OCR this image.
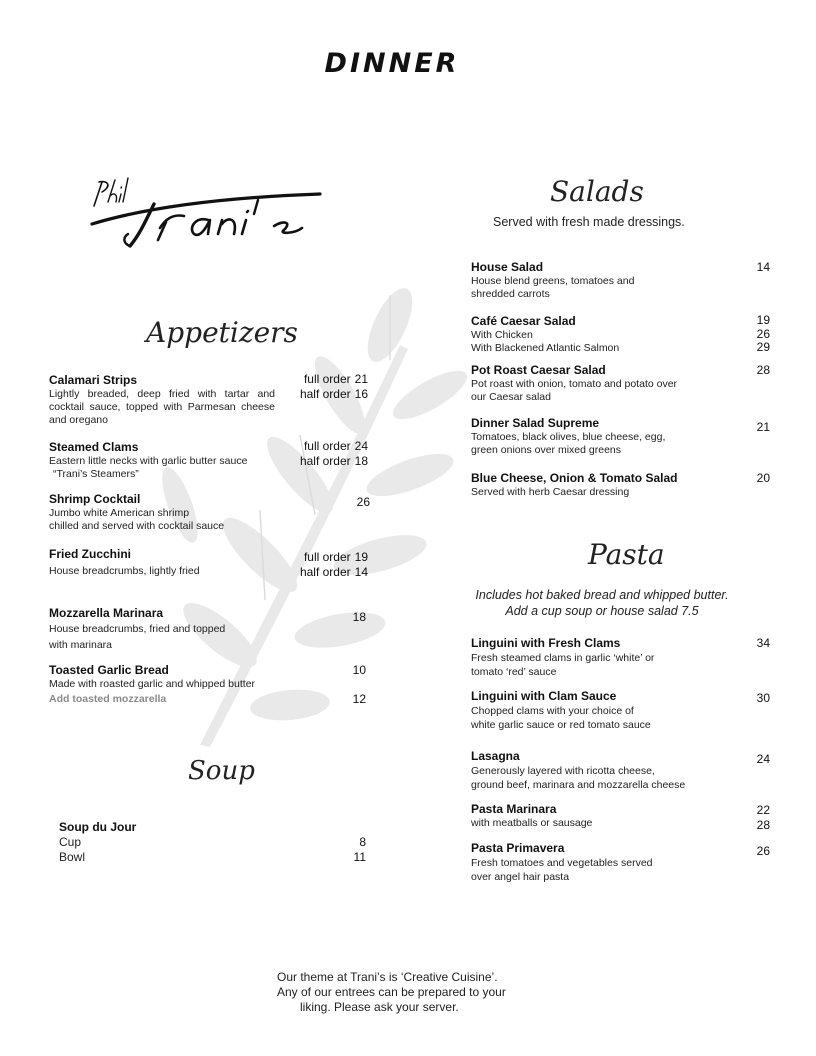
DINNER
Appetizers
Calamari Strips
Lightly breaded, deep fried with tartar and cocktail sauce, topped with Parmesan cheese and oregano
full order 21
half order 16
Steamed Clams
Eastern little necks with garlic butter sauce
“Trani’s Steamers”
full order 24
half order 18
Shrimp Cocktail
Jumbo white American shrimp
chilled and served with cocktail sauce
26
Fried Zucchini
House breadcrumbs, lightly fried
full order 19
half order 14
Mozzarella Marinara
House breadcrumbs, fried and topped
with marinara
18
Toasted Garlic Bread
Made with roasted garlic and whipped butter
Add toasted mozzarella
10
12
Soup
Soup du Jour
Cup
Bowl
8
11
Salads
Served with fresh made dressings.
House Salad
House blend greens, tomatoes and
shredded carrots
14
Café Caesar Salad
With Chicken
With Blackened Atlantic Salmon
19
26
29
Pot Roast Caesar Salad
Pot roast with onion, tomato and potato over
our Caesar salad
28
Dinner Salad Supreme
Tomatoes, black olives, blue cheese, egg,
green onions over mixed greens
21
Blue Cheese, Onion & Tomato Salad
Served with herb Caesar dressing
20
Pasta
Includes hot baked bread and whipped butter.
Add a cup soup or house salad 7.5
Linguini with Fresh Clams
Fresh steamed clams in garlic ‘white’ or
tomato ‘red’ sauce
34
Linguini with Clam Sauce
Chopped clams with your choice of
white garlic sauce or red tomato sauce
30
Lasagna
Generously layered with ricotta cheese,
ground beef, marinara and mozzarella cheese
24
Pasta Marinara
with meatballs or sausage
22
28
Pasta Primavera
Fresh tomatoes and vegetables served
over angel hair pasta
26
Our theme at Trani’s is ‘Creative Cuisine’.
Any of our entrees can be prepared to your
liking. Please ask your server.
